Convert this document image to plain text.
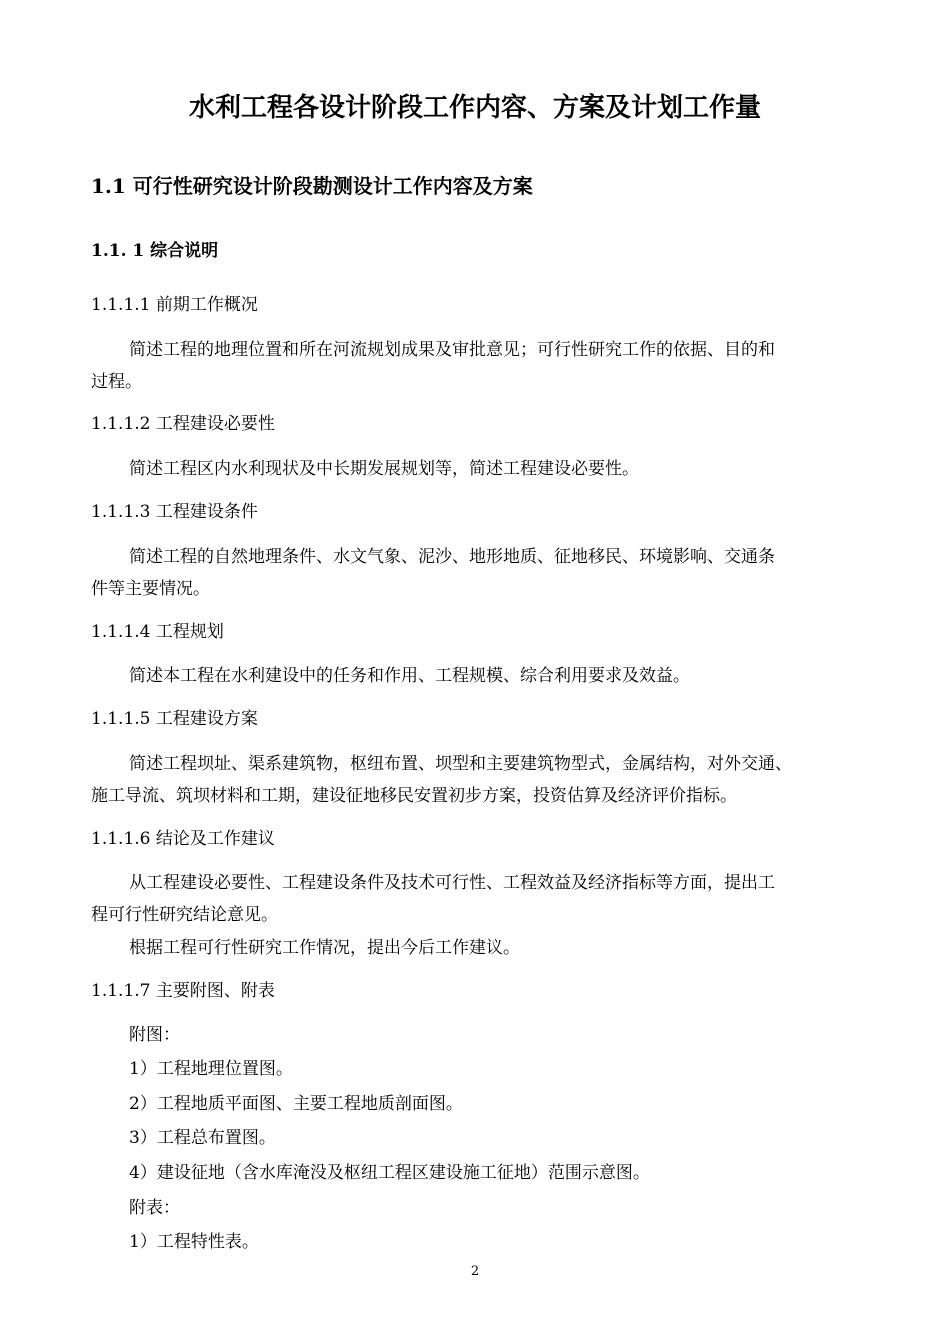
水利工程各设计阶段工作内容、方案及计划工作量
1.1 可行性研究设计阶段勘测设计工作内容及方案
1.1. 1 综合说明

1.1.1.1 前期工作概况

简述工程的地理位置和所在河流规划成果及审批意见；可行性研究工作的依据、目的和

过程。

1.1.1.2 工程建设必要性

简述工程区内水利现状及中长期发展规划等，简述工程建设必要性。

1.1.1.3 工程建设条件

简述工程的自然地理条件、水文气象、泥沙、地形地质、征地移民、环境影响、交通条

件等主要情况。

1.1.1.4 工程规划

简述本工程在水利建设中的任务和作用、工程规模、综合利用要求及效益。

1.1.1.5 工程建设方案

简述工程坝址、渠系建筑物，枢纽布置、坝型和主要建筑物型式，金属结构，对外交通、

施工导流、筑坝材料和工期，建设征地移民安置初步方案，投资估算及经济评价指标。

1.1.1.6 结论及工作建议

从工程建设必要性、工程建设条件及技术可行性、工程效益及经济指标等方面，提出工

程可行性研究结论意见。

根据工程可行性研究工作情况，提出今后工作建议。

1.1.1.7 主要附图、附表

附图：

1）工程地理位置图。

2）工程地质平面图、主要工程地质剖面图。

3）工程总布置图。

4）建设征地（含水库淹没及枢纽工程区建设施工征地）范围示意图。

附表：

1）工程特性表。

2
